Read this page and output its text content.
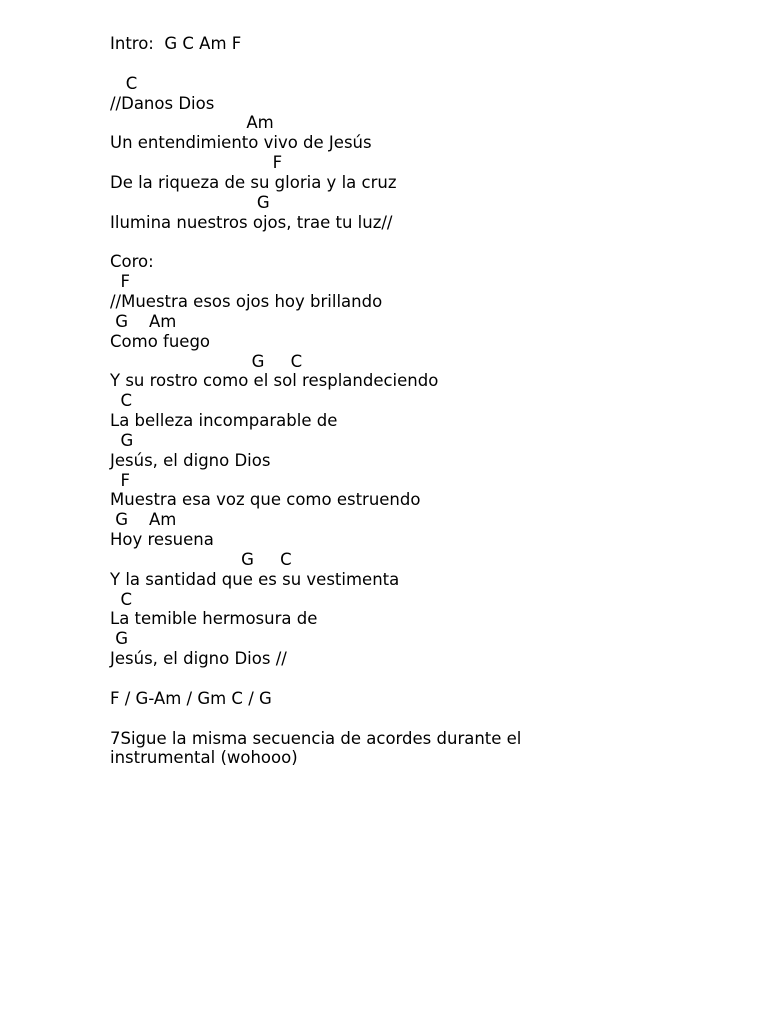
Intro:  G C Am F
C
//Danos Dios
Am
Un entendimiento vivo de Jesús
F
De la riqueza de su gloria y la cruz
G
Ilumina nuestros ojos, trae tu luz//
Coro:
F
//Muestra esos ojos hoy brillando
G    Am
Como fuego
G     C
Y su rostro como el sol resplandeciendo
C
La belleza incomparable de
G
Jesús, el digno Dios
F
Muestra esa voz que como estruendo
G    Am
Hoy resuena
G     C
Y la santidad que es su vestimenta
C
La temible hermosura de
G
Jesús, el digno Dios //
F / G-Am / Gm C / G
7Sigue la misma secuencia de acordes durante el
instrumental (wohooo)
